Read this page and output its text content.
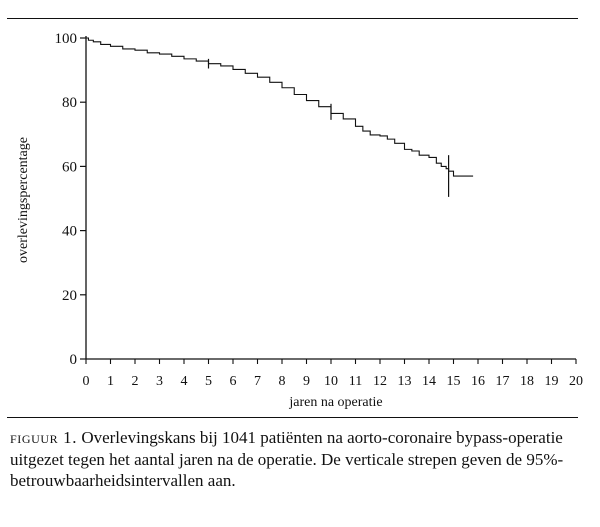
0
20
40
60
80
100
0 1 2 3 4 5 6 7 8 9 10 11 12 13 14 15 16 17 18 19 20
jaren na operatie
overlevingspercentage
figuur 1. Overlevingskans bij 1041 patiënten na aorto-coronaire bypass-operatie uitgezet tegen het aantal jaren na de operatie. De verticale strepen geven de 95%-betrouwbaarheidsintervallen aan.
